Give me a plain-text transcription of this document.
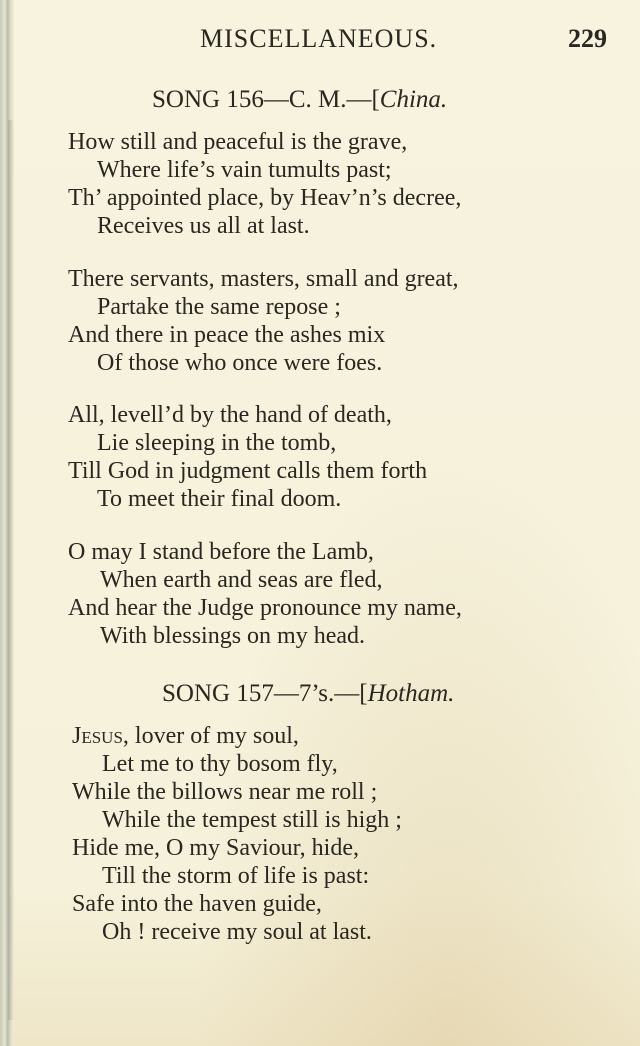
MISCELLANEOUS.	229
SONG 156—C. M.—[China.
How still and peaceful is the grave,
Where life’s vain tumults past;
Th’ appointed place, by Heav’n’s decree,
Receives us all at last.
There servants, masters, small and great,
Partake the same repose ;
And there in peace the ashes mix
Of those who once were foes.
All, levell’d by the hand of death,
Lie sleeping in the tomb,
Till God in judgment calls them forth
To meet their final doom.
O may I stand before the Lamb,
When earth and seas are fled,
And hear the Judge pronounce my name,
With blessings on my head.
SONG 157—7’s.—[Hotham.
Jesus, lover of my soul,
Let me to thy bosom fly,
While the billows near me roll ;
While the tempest still is high ;
Hide me, O my Saviour, hide,
Till the storm of life is past:
Safe into the haven guide,
Oh ! receive my soul at last.
